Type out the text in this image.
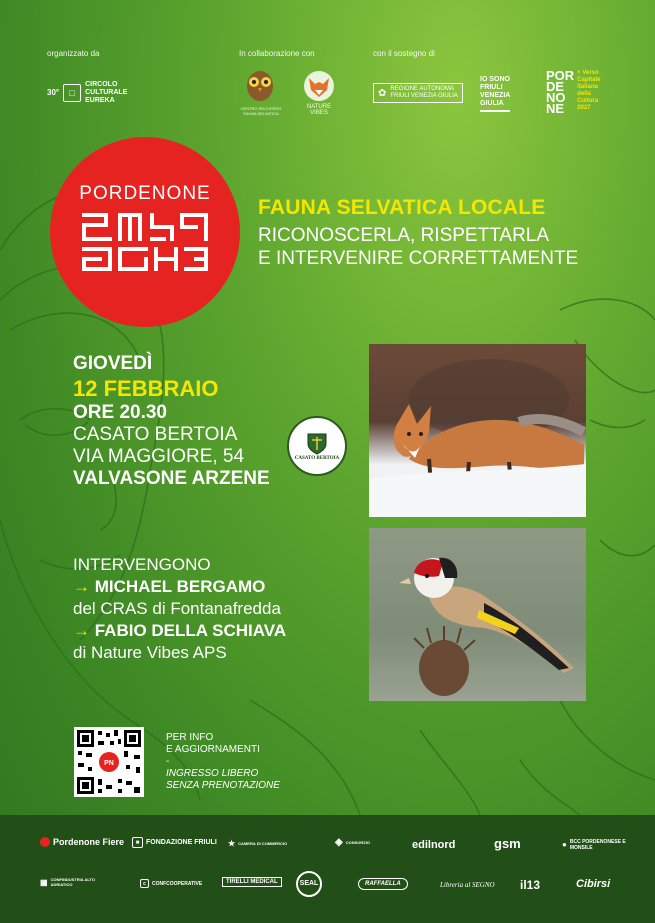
organizzato da	In collaborazione con	con il sostegno di
30°	□
CIRCOLO
CULTURALE
EUREKA
CENTRO RECUPERO FAUNA SELVATICA
NATURE VIBES
✿ REGIONE AUTONOMA
FRIULI VENEZIA GIULIA
IO SONO
FRIULI
VENEZIA
GIULIA
POR
DE
NO
NE
+ Verso
Capitale
italiana
della
Cultura
2027
PORDENONE
FAUNA SELVATICA LOCALE
RICONOSCERLA, RISPETTARLA
E INTERVENIRE CORRETTAMENTE
GIOVEDÌ
12 FEBBRAIO
ORE 20.30
CASATO BERTOIA
VIA MAGGIORE, 54
VALVASONE ARZENE
CASATO BERTOIA
INTERVENGONO
→ MICHAEL BERGAMO
del CRAS di Fontanafredda
→ FABIO DELLA SCHIAVA
di Nature Vibes APS
PN
PER INFO
E AGGIORNAMENTI
-
INGRESSO LIBERO
SENZA PRENOTAZIONE
Pordenone Fiere	■ FONDAZIONE FRIULI ★ CAMERA DI COMMERCIO	◈ CONSORZIO	edilnord	gsm	● BCC PORDENONESE E MONSILE
▦ CONFINDUSTRIA ALTO ADRIATICO	c	CONFCOOPERATIVE	TIRELLI MEDICAL	SEAL	RAFFAELLA	Libreria al SEGNO il13	Cibirsi
